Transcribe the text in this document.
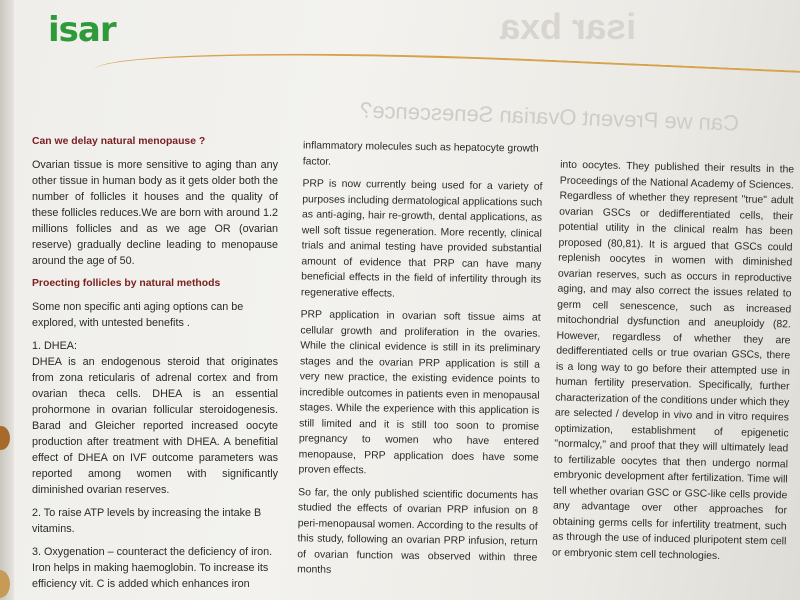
isar	isar bxa
Can we Prevent Ovarian Senescence?

Can we delay natural menopause ?

Ovarian tissue is more sensitive to aging than any other tissue in human body as it gets older both the number of follicles it houses and the quality of these follicles reduces.We are born with around 1.2 millions follicles and as we age OR (ovarian reserve) gradually decline leading to menopause around the age of 50.

Proecting follicles by natural methods

Some non specific anti aging options can be explored, with untested benefits .

1. DHEA:

DHEA is an endogenous steroid that originates from zona reticularis of adrenal cortex and from ovarian theca cells. DHEA is an essential prohormone in ovarian follicular steroidogenesis. Barad and Gleicher reported increased oocyte production after treatment with DHEA. A benefitial effect of DHEA on IVF outcome parameters was reported among women with significantly diminished ovarian reserves.

2. To raise ATP levels by increasing the intake B vitamins.

3. Oxygenation – counteract the deficiency of iron. Iron helps in making haemoglobin. To increase its efficiency vit. C is added which enhances iron

inflammatory molecules such as hepatocyte growth factor.

PRP is now currently being used for a variety of purposes including dermatological applications such as anti-aging, hair re-growth, dental applications, as well soft tissue regeneration. More recently, clinical trials and animal testing have provided substantial amount of evidence that PRP can have many beneficial effects in the field of infertility through its regenerative effects.

PRP application in ovarian soft tissue aims at cellular growth and proliferation in the ovaries. While the clinical evidence is still in its preliminary stages and the ovarian PRP application is still a very new practice, the existing evidence points to incredible outcomes in patients even in menopausal stages. While the experience with this application is still limited and it is still too soon to promise pregnancy to women who have entered menopause, PRP application does have some proven effects.

So far, the only published scientific documents has studied the effects of ovarian PRP infusion on 8 peri-menopausal women. According to the results of this study, following an ovarian PRP infusion, return of ovarian function was observed within three months

into oocytes. They published their results in the Proceedings of the National Academy of Sciences. Regardless of whether they represent "true" adult ovarian GSCs or dedifferentiated cells, their potential utility in the clinical realm has been proposed (80,81). It is argued that GSCs could replenish oocytes in women with diminished ovarian reserves, such as occurs in reproductive aging, and may also correct the issues related to germ cell senescence, such as increased mitochondrial dysfunction and aneuploidy (82. However, regardless of whether they are dedifferentiated cells or true ovarian GSCs, there is a long way to go before their attempted use in human fertility preservation. Specifically, further characterization of the conditions under which they are selected / develop in vivo and in vitro requires optimization, establishment of epigenetic "normalcy," and proof that they will ultimately lead to fertilizable oocytes that then undergo normal embryonic development after fertilization. Time will tell whether ovarian GSC or GSC-like cells provide any advantage over other approaches for obtaining germs cells for infertility treatment, such as through the use of induced pluripotent stem cell or embryonic stem cell technologies.
